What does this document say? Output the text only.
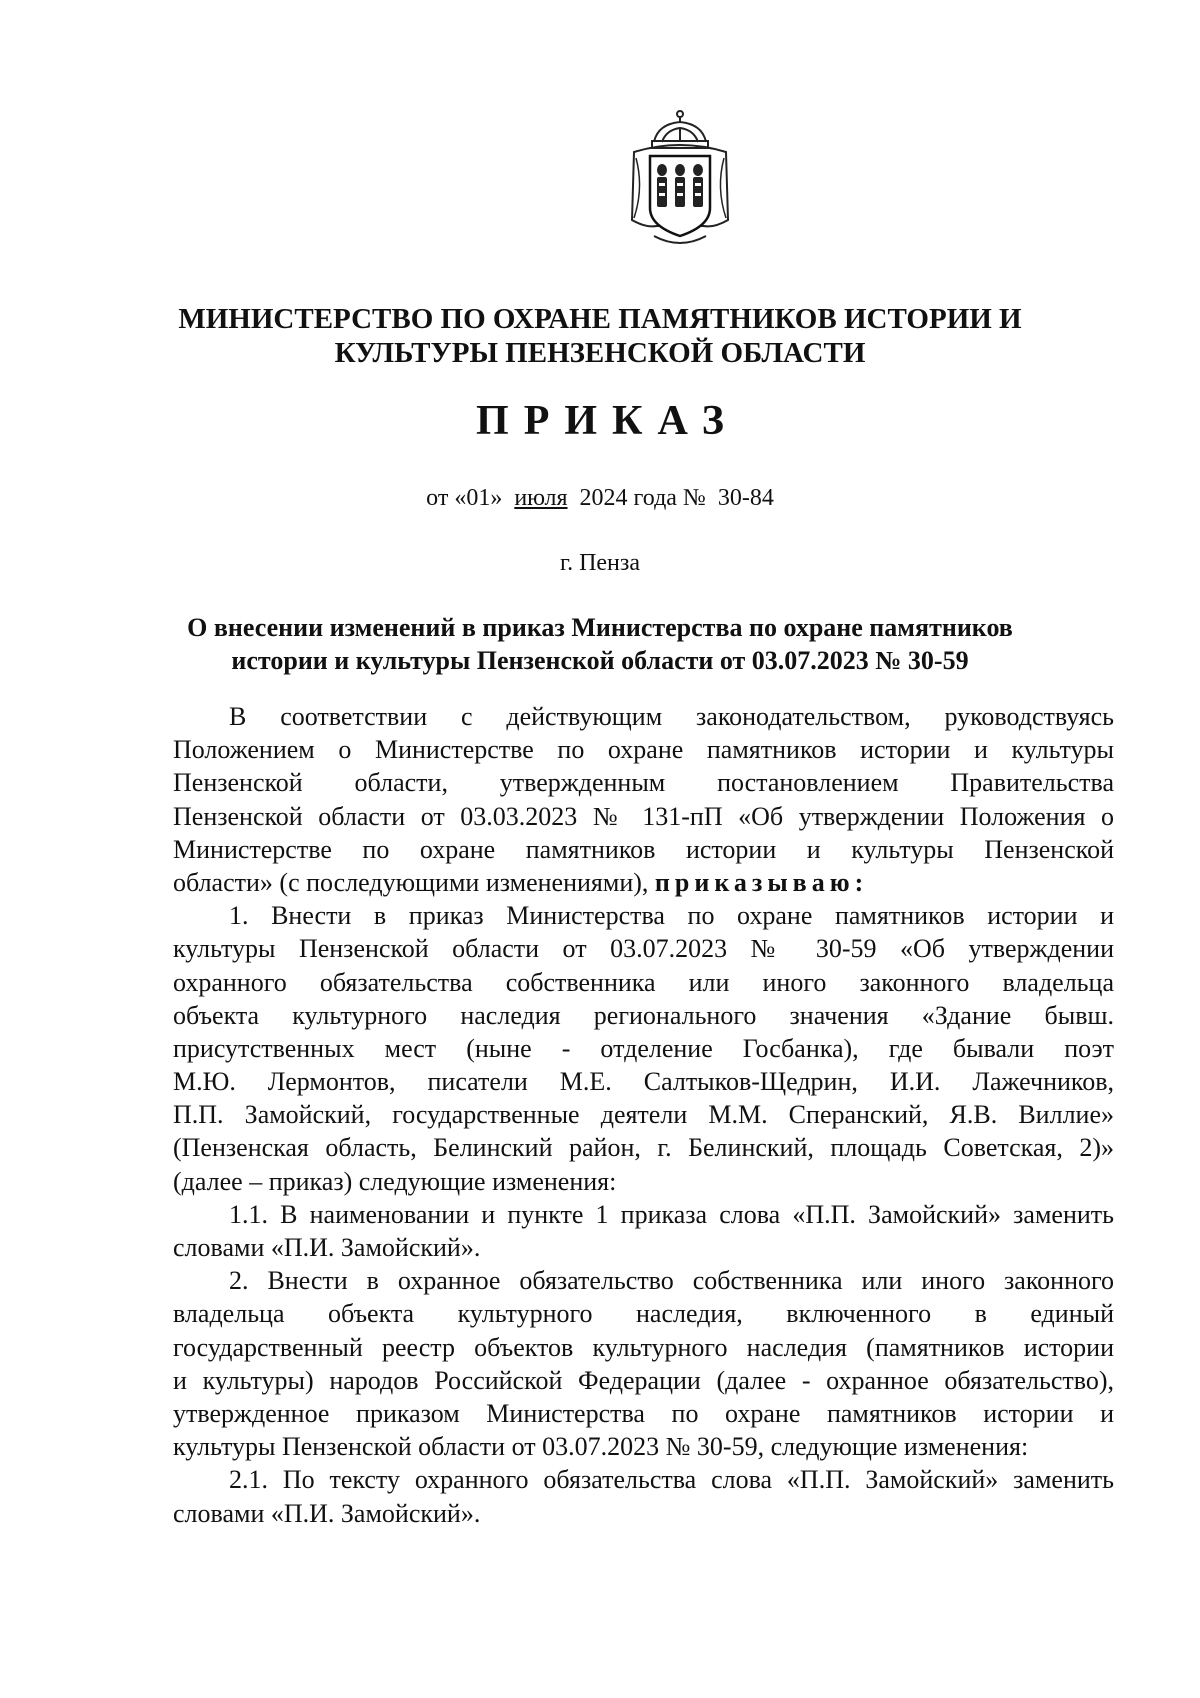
МИНИСТЕРСТВО ПО ОХРАНЕ ПАМЯТНИКОВ ИСТОРИИ И
КУЛЬТУРЫ ПЕНЗЕНСКОЙ ОБЛАСТИ
ПРИКАЗ
от «01» июля 2024 года № 30-84
г. Пенза
О внесении изменений в приказ Министерства по охране памятников
истории и культуры Пензенской области от 03.07.2023 № 30-59
В соответствии с действующим законодательством, руководствуясь
Положением о Министерстве по охране памятников истории и культуры
Пензенской области, утвержденным постановлением Правительства
Пензенской области от 03.03.2023 № 131-пП «Об утверждении Положения о
Министерстве по охране памятников истории и культуры Пензенской
области» (с последующими изменениями), приказываю:
1. Внести в приказ Министерства по охране памятников истории и
культуры Пензенской области от 03.07.2023 № 30-59 «Об утверждении
охранного обязательства собственника или иного законного владельца
объекта культурного наследия регионального значения «Здание бывш.
присутственных мест (ныне - отделение Госбанка), где бывали поэт
М.Ю. Лермонтов, писатели М.Е. Салтыков-Щедрин, И.И. Лажечников,
П.П. Замойский, государственные деятели М.М. Сперанский, Я.В. Виллие»
(Пензенская область, Белинский район, г. Белинский, площадь Советская, 2)»
(далее – приказ) следующие изменения:
1.1. В наименовании и пункте 1 приказа слова «П.П. Замойский» заменить
словами «П.И. Замойский».
2. Внести в охранное обязательство собственника или иного законного
владельца объекта культурного наследия, включенного в единый
государственный реестр объектов культурного наследия (памятников истории
и культуры) народов Российской Федерации (далее - охранное обязательство),
утвержденное приказом Министерства по охране памятников истории и
культуры Пензенской области от 03.07.2023 № 30-59, следующие изменения:
2.1. По тексту охранного обязательства слова «П.П. Замойский» заменить
словами «П.И. Замойский».
